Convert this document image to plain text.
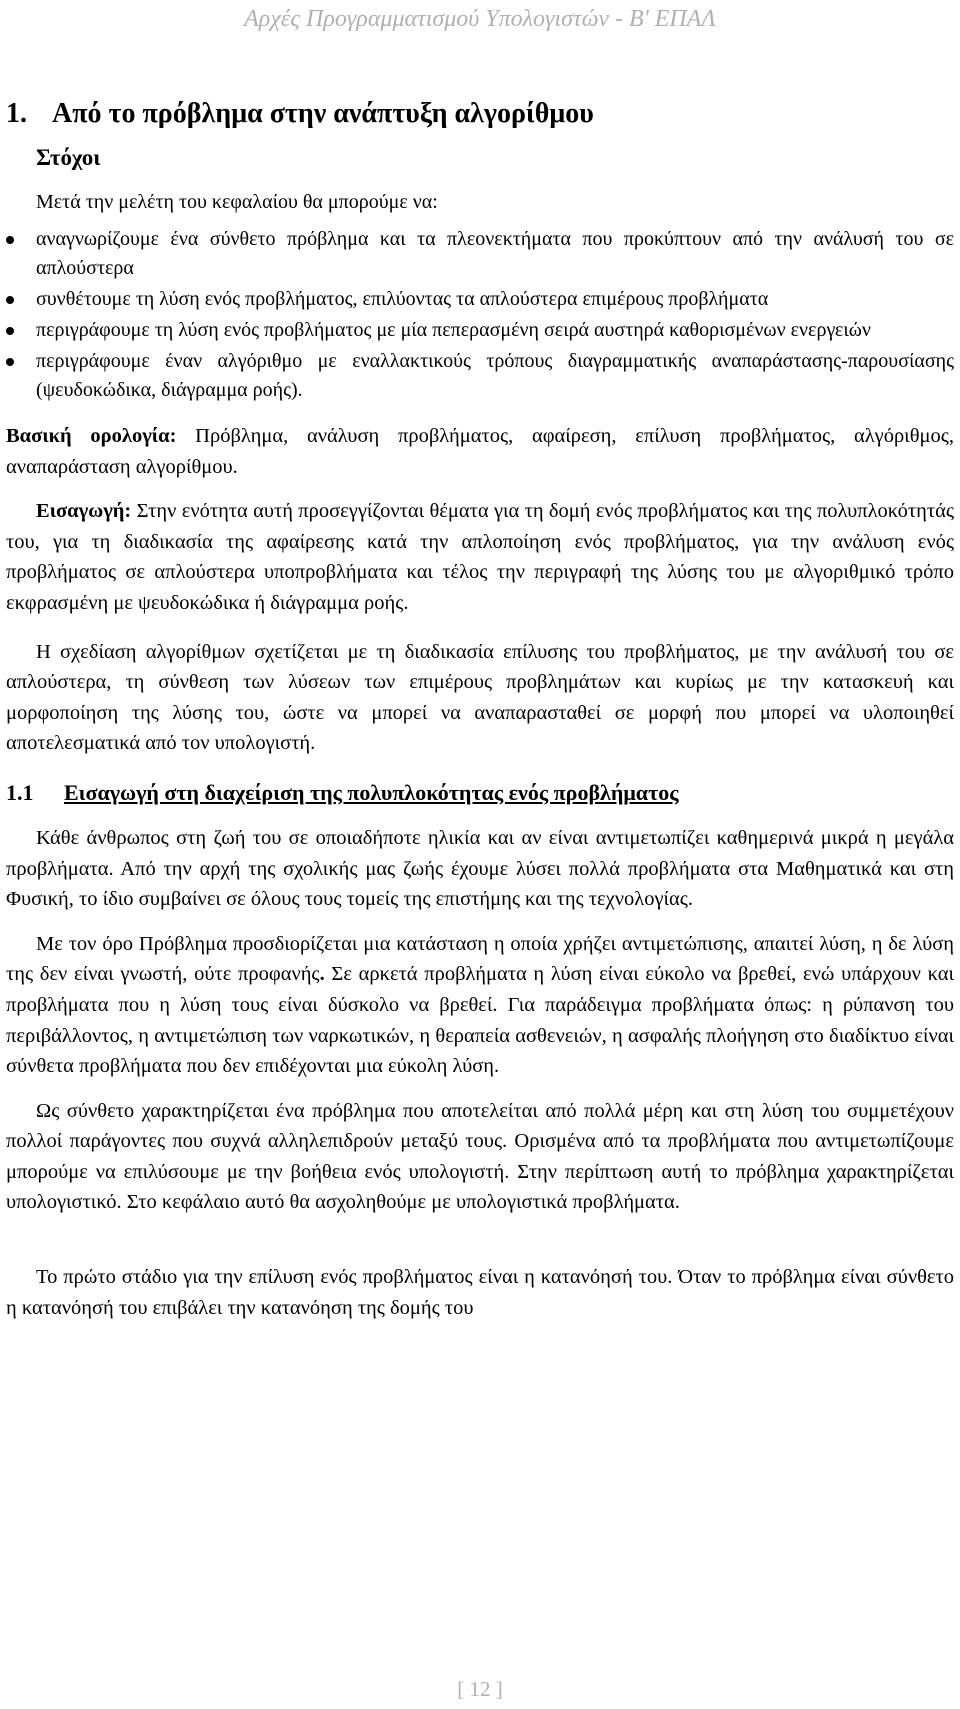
Αρχές Προγραμματισμού Υπολογιστών - Β' ΕΠΑΛ
1. Από το πρόβλημα στην ανάπτυξη αλγορίθμου
Στόχοι
Μετά την μελέτη του κεφαλαίου θα μπορούμε να:
αναγνωρίζουμε ένα σύνθετο πρόβλημα και τα πλεονεκτήματα που προκύπτουν από την ανάλυσή του σε απλούστερα
συνθέτουμε τη λύση ενός προβλήματος, επιλύοντας τα απλούστερα επιμέρους προβλήματα
περιγράφουμε τη λύση ενός προβλήματος με μία πεπερασμένη σειρά αυστηρά καθορισμένων ενεργειών
περιγράφουμε έναν αλγόριθμο με εναλλακτικούς τρόπους διαγραμματικής αναπαράστασης-παρουσίασης (ψευδοκώδικα, διάγραμμα ροής).

Βασική ορολογία: Πρόβλημα, ανάλυση προβλήματος, αφαίρεση, επίλυση προβλήματος, αλγόριθμος, αναπαράσταση αλγορίθμου.

Εισαγωγή: Στην ενότητα αυτή προσεγγίζονται θέματα για τη δομή ενός προβλήματος και της πολυπλοκότητάς του, για τη διαδικασία της αφαίρεσης κατά την απλοποίηση ενός προβλήματος, για την ανάλυση ενός προβλήματος σε απλούστερα υποπροβλήματα και τέλος την περιγραφή της λύσης του με αλγοριθμικό τρόπο εκφρασμένη με ψευδοκώδικα ή διάγραμμα ροής.

Η σχεδίαση αλγορίθμων σχετίζεται με τη διαδικασία επίλυσης του προβλήματος, με την ανάλυσή του σε απλούστερα, τη σύνθεση των λύσεων των επιμέρους προβλημάτων και κυρίως με την κατασκευή και μορφοποίηση της λύσης του, ώστε να μπορεί να αναπαρασταθεί σε μορφή που μπορεί να υλοποιηθεί αποτελεσματικά από τον υπολογιστή.

1.1 Εισαγωγή στη διαχείριση της πολυπλοκότητας ενός προβλήματος

Κάθε άνθρωπος στη ζωή του σε οποιαδήποτε ηλικία και αν είναι αντιμετωπίζει καθημερινά μικρά η μεγάλα προβλήματα. Από την αρχή της σχολικής μας ζωής έχουμε λύσει πολλά προβλήματα στα Μαθηματικά και στη Φυσική, το ίδιο συμβαίνει σε όλους τους τομείς της επιστήμης και της τεχνολογίας.

Με τον όρο Πρόβλημα προσδιορίζεται μια κατάσταση η οποία χρήζει αντιμετώπισης, απαιτεί λύση, η δε λύση της δεν είναι γνωστή, ούτε προφανής. Σε αρκετά προβλήματα η λύση είναι εύκολο να βρεθεί, ενώ υπάρχουν και προβλήματα που η λύση τους είναι δύσκολο να βρεθεί. Για παράδειγμα προβλήματα όπως: η ρύπανση του περιβάλλοντος, η αντιμετώπιση των ναρκωτικών, η θεραπεία ασθενειών, η ασφαλής πλοήγηση στο διαδίκτυο είναι σύνθετα προβλήματα που δεν επιδέχονται μια εύκολη λύση.

Ως σύνθετο χαρακτηρίζεται ένα πρόβλημα που αποτελείται από πολλά μέρη και στη λύση του συμμετέχουν πολλοί παράγοντες που συχνά αλληλεπιδρούν μεταξύ τους. Ορισμένα από τα προβλήματα που αντιμετωπίζουμε μπορούμε να επιλύσουμε με την βοήθεια ενός υπολογιστή. Στην περίπτωση αυτή το πρόβλημα χαρακτηρίζεται υπολογιστικό. Στο κεφάλαιο αυτό θα ασχοληθούμε με υπολογιστικά προβλήματα.

Το πρώτο στάδιο για την επίλυση ενός προβλήματος είναι η κατανόησή του. Όταν το πρόβλημα είναι σύνθετο η κατανόησή του επιβάλει την κατανόηση της δομής του

[ 12 ]
